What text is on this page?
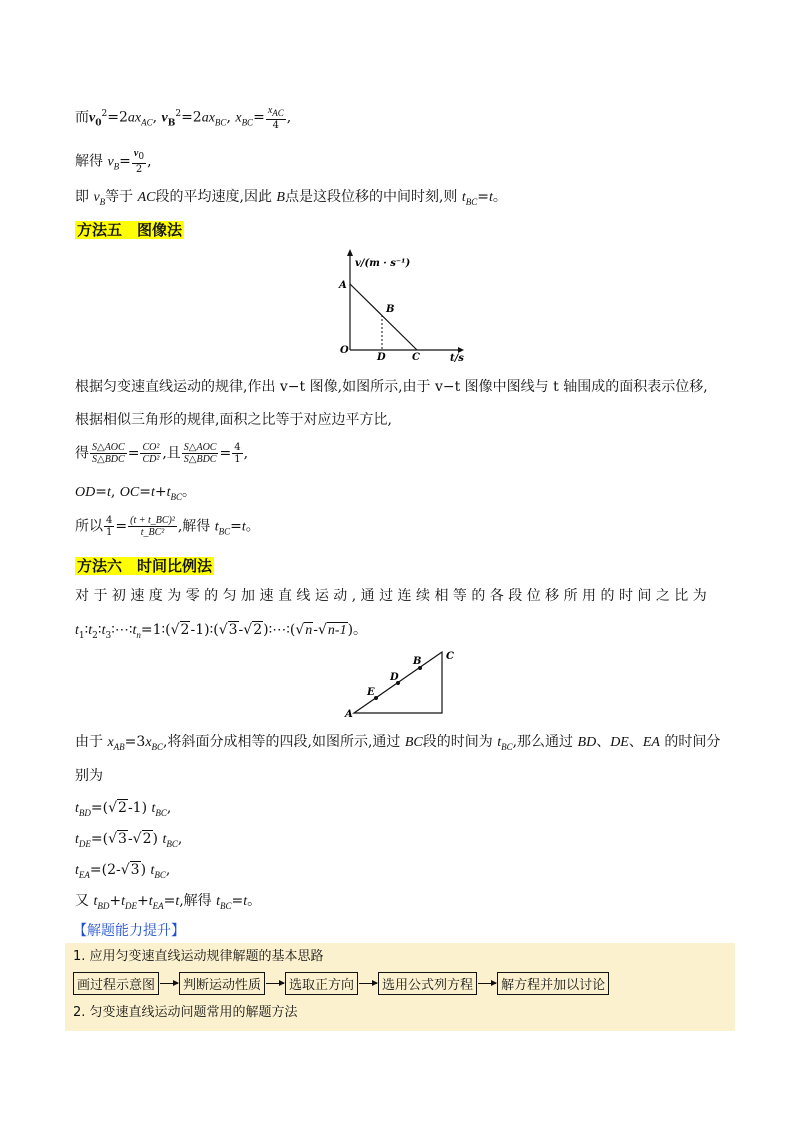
而$v_0^2=2ax_{AC}$, $v_B^2=2ax_{BC}$, $x_{BC}= \frac{x_{AC}}{4}$ ,
解得 $v_B= \frac{v_0}{2}$ ,
即 $v_B$等于 AC段的平均速度,因此 B点是这段位移的中间时刻,则 $t_{BC}=t$。
方法五　图像法
v/(m · s⁻¹)
t/s
A
B
O
D	C
根据匀变速直线运动的规律,作出 v−t 图像,如图所示,由于 v−t 图像中图线与 t 轴围成的面积表示位移,
根据相似三角形的规律,面积之比等于对应边平方比,
得 $\frac{\text{S△AOC}}{\text{S△BDC}} = \frac{\text{CO²}}{\text{CD²}}$ ,且 $\frac{\text{S△AOC}}{\text{S△BDC}} = \frac{4}{1}$ ,
OD=t, $OC=t+t_{BC}$。
所以 $\frac{4}{1} = \frac{\text{(t + t\_BC)²}}{\text{t\_BC²}}$ ,解得 $t_{BC}=t$。
方法六　时间比例法
对 于 初 速 度 为 零 的 匀 加 速 直 线 运 动 , 通 过 连 续 相 等 的 各 段 位 移 所 用 的 时 间 之 比 为
$t_1∶t_2∶t_3∶\cdots∶t_n=1∶(√2-1)∶(√3-√2)∶\cdots∶(√n-√n-1)$。
A
E
D
B C
由于 $x_{AB}=3x_{BC}$,将斜面分成相等的四段,如图所示,通过 BC段的时间为 $t_{BC}$,那么通过 BD、DE、EA 的时间分
别为
$t_{BD}=(√2-1)$ $t_{BC}$,
$t_{DE}=(√3-√2)$ $t_{BC}$,
$t_{EA}=(2-√3)$ $t_{BC}$,
又 $t_{BD}+t_{DE}+t_{EA}=t$,解得 $t_{BC}=t$。
【解题能力提升】
1. 应用匀变速直线运动规律解题的基本思路
画过程示意图	判断运动性质	选取正方向	选用公式列方程	解方程并加以讨论
2. 匀变速直线运动问题常用的解题方法
